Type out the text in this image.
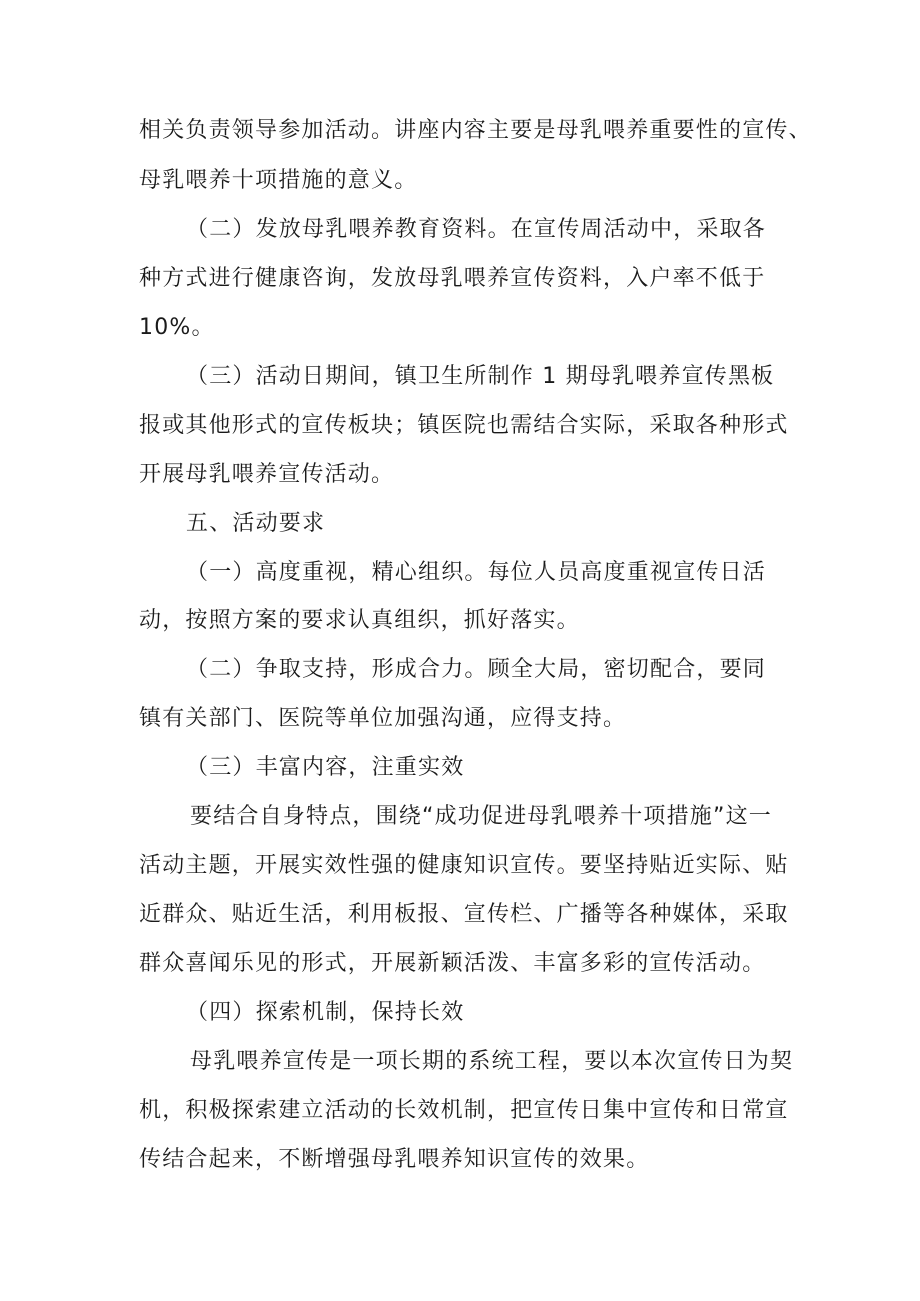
相关负责领导参加活动。讲座内容主要是母乳喂养重要性的宣传、

母乳喂养十项措施的意义。

（二）发放母乳喂养教育资料。在宣传周活动中，采取各

种方式进行健康咨询，发放母乳喂养宣传资料，入户率不低于

10%。

（三）活动日期间，镇卫生所制作 1 期母乳喂养宣传黑板

报或其他形式的宣传板块；镇医院也需结合实际，采取各种形式

开展母乳喂养宣传活动。

五、活动要求

（一）高度重视，精心组织。每位人员高度重视宣传日活

动，按照方案的要求认真组织，抓好落实。

（二）争取支持，形成合力。顾全大局，密切配合，要同

镇有关部门、医院等单位加强沟通，应得支持。

（三）丰富内容，注重实效

要结合自身特点，围绕“成功促进母乳喂养十项措施”这一

活动主题，开展实效性强的健康知识宣传。要坚持贴近实际、贴

近群众、贴近生活，利用板报、宣传栏、广播等各种媒体，采取

群众喜闻乐见的形式，开展新颖活泼、丰富多彩的宣传活动。

（四）探索机制，保持长效

母乳喂养宣传是一项长期的系统工程，要以本次宣传日为契

机，积极探索建立活动的长效机制，把宣传日集中宣传和日常宣

传结合起来，不断增强母乳喂养知识宣传的效果。
